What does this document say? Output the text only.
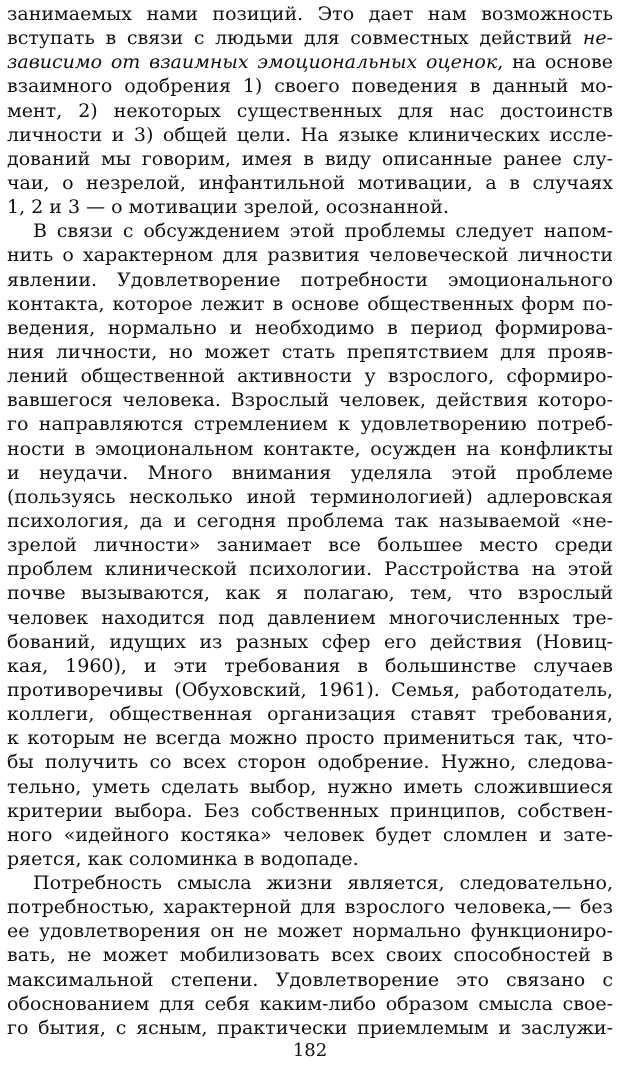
занимаемых нами позиций. Это дает нам возможность
вступать в связи с людьми для совместных действий не-
зависимо от взаимных эмоциональных оценок, на основе
взаимного одобрения 1) своего поведения в данный мо-
мент, 2) некоторых существенных для нас достоинств
личности и 3) общей цели. На языке клинических иссле-
дований мы говорим, имея в виду описанные ранее слу-
чаи, о незрелой, инфантильной мотивации, а в случаях
1, 2 и 3 — о мотивации зрелой, осознанной.
В связи с обсуждением этой проблемы следует напом-
нить о характерном для развития человеческой личности
явлении. Удовлетворение потребности эмоционального
контакта, которое лежит в основе общественных форм по-
ведения, нормально и необходимо в период формирова-
ния личности, но может стать препятствием для прояв-
лений общественной активности у взрослого, сформиро-
вавшегося человека. Взрослый человек, действия которо-
го направляются стремлением к удовлетворению потреб-
ности в эмоциональном контакте, осужден на конфликты
и неудачи. Много внимания уделяла этой проблеме
(пользуясь несколько иной терминологией) адлеровская
психология, да и сегодня проблема так называемой «не-
зрелой личности» занимает все большее место среди
проблем клинической психологии. Расстройства на этой
почве вызываются, как я полагаю, тем, что взрослый
человек находится под давлением многочисленных тре-
бований, идущих из разных сфер его действия (Новиц-
кая, 1960), и эти требования в большинстве случаев
противоречивы (Обуховский, 1961). Семья, работодатель,
коллеги, общественная организация ставят требования,
к которым не всегда можно просто примениться так, что-
бы получить со всех сторон одобрение. Нужно, следова-
тельно, уметь сделать выбор, нужно иметь сложившиеся
критерии выбора. Без собственных принципов, собствен-
ного «идейного костяка» человек будет сломлен и зате-
ряется, как соломинка в водопаде.
Потребность смысла жизни является, следовательно,
потребностью, характерной для взрослого человека,— без
ее удовлетворения он не может нормально функциониро-
вать, не может мобилизовать всех своих способностей в
максимальной степени. Удовлетворение это связано с
обоснованием для себя каким-либо образом смысла свое-
го бытия, с ясным, практически приемлемым и заслужи-
182
